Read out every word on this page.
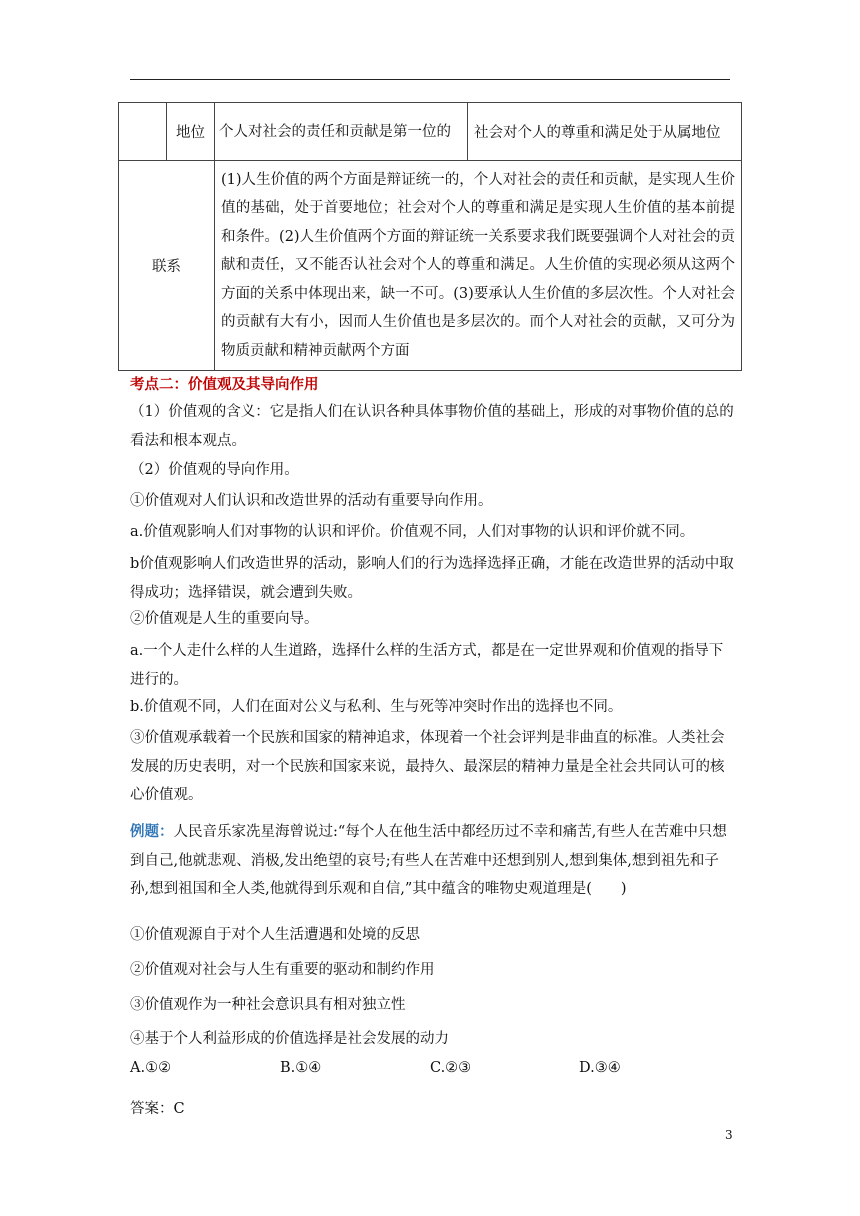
	地位	个人对社会的责任和贡献是第一位的	社会对个人的尊重和满足处于从属地位
联系		(1)人生价值的两个方面是辩证统一的，个人对社会的责任和贡献，是实现人生价值的基础，处于首要地位；社会对个人的尊重和满足是实现人生价值的基本前提和条件。(2)人生价值两个方面的辩证统一关系要求我们既要强调个人对社会的贡献和责任，又不能否认社会对个人的尊重和满足。人生价值的实现必须从这两个方面的关系中体现出来，缺一不可。(3)要承认人生价值的多层次性。个人对社会的贡献有大有小，因而人生价值也是多层次的。而个人对社会的贡献，又可分为物质贡献和精神贡献两个方面	
考点二：价值观及其导向作用
（1）价值观的含义：它是指人们在认识各种具体事物价值的基础上，形成的对事物价值的总的看法和根本观点。
（2）价值观的导向作用。
①价值观对人们认识和改造世界的活动有重要导向作用。
a.价值观影响人们对事物的认识和评价。价值观不同，人们对事物的认识和评价就不同。
b价值观影响人们改造世界的活动，影响人们的行为选择选择正确，才能在改造世界的活动中取得成功；选择错误，就会遭到失败。
②价值观是人生的重要向导。
a.一个人走什么样的人生道路，选择什么样的生活方式，都是在一定世界观和价值观的指导下进行的。
b.价值观不同，人们在面对公义与私利、生与死等冲突时作出的选择也不同。
③价值观承载着一个民族和国家的精神追求，体现着一个社会评判是非曲直的标准。人类社会发展的历史表明，对一个民族和国家来说，最持久、最深层的精神力量是全社会共同认可的核心价值观。
例题：人民音乐家冼星海曾说过:“每个人在他生活中都经历过不幸和痛苦,有些人在苦难中只想到自己,他就悲观、消极,发出绝望的哀号;有些人在苦难中还想到别人,想到集体,想到祖先和子孙,想到祖国和全人类,他就得到乐观和自信,”其中蕴含的唯物史观道理是(　　)
①价值观源自于对个人生活遭遇和处境的反思
②价值观对社会与人生有重要的驱动和制约作用
③价值观作为一种社会意识具有相对独立性
④基于个人利益形成的价值选择是社会发展的动力
A.①②	B.①④	C.②③	D.③④
答案：C
3
